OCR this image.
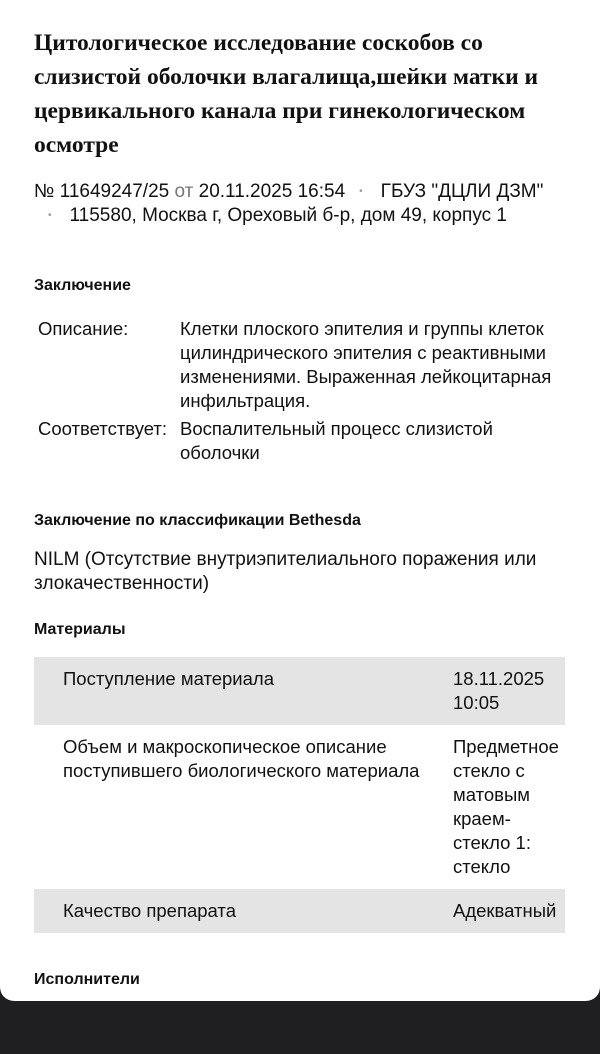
Цитологическое исследование соскобов со слизистой оболочки влагалища,шейки матки и цервикального канала при гинекологическом осмотре
№ 11649247/25 от 20.11.2025 16:54 • ГБУЗ "ДЦЛИ ДЗМ"• 115580, Москва г, Ореховый б-р, дом 49, корпус 1
Заключение
Описание:	Клетки плоского эпителия и группы клеток цилиндрического эпителия с реактивными изменениями. Выраженная лейкоцитарная инфильтрация.
Соответствует:	Воспалительный процесс слизистой оболочки
Заключение по классификации Bethesda
NILM (Отсутствие внутриэпителиального поражения или злокачественности)
Материалы
Поступление материала	18.11.2025 10:05
Объем и макроскопическое описание поступившего биологического материала	Предметное стекло с матовым краем- стекло 1: стекло
Качество препарата	Адекватный
Исполнители
